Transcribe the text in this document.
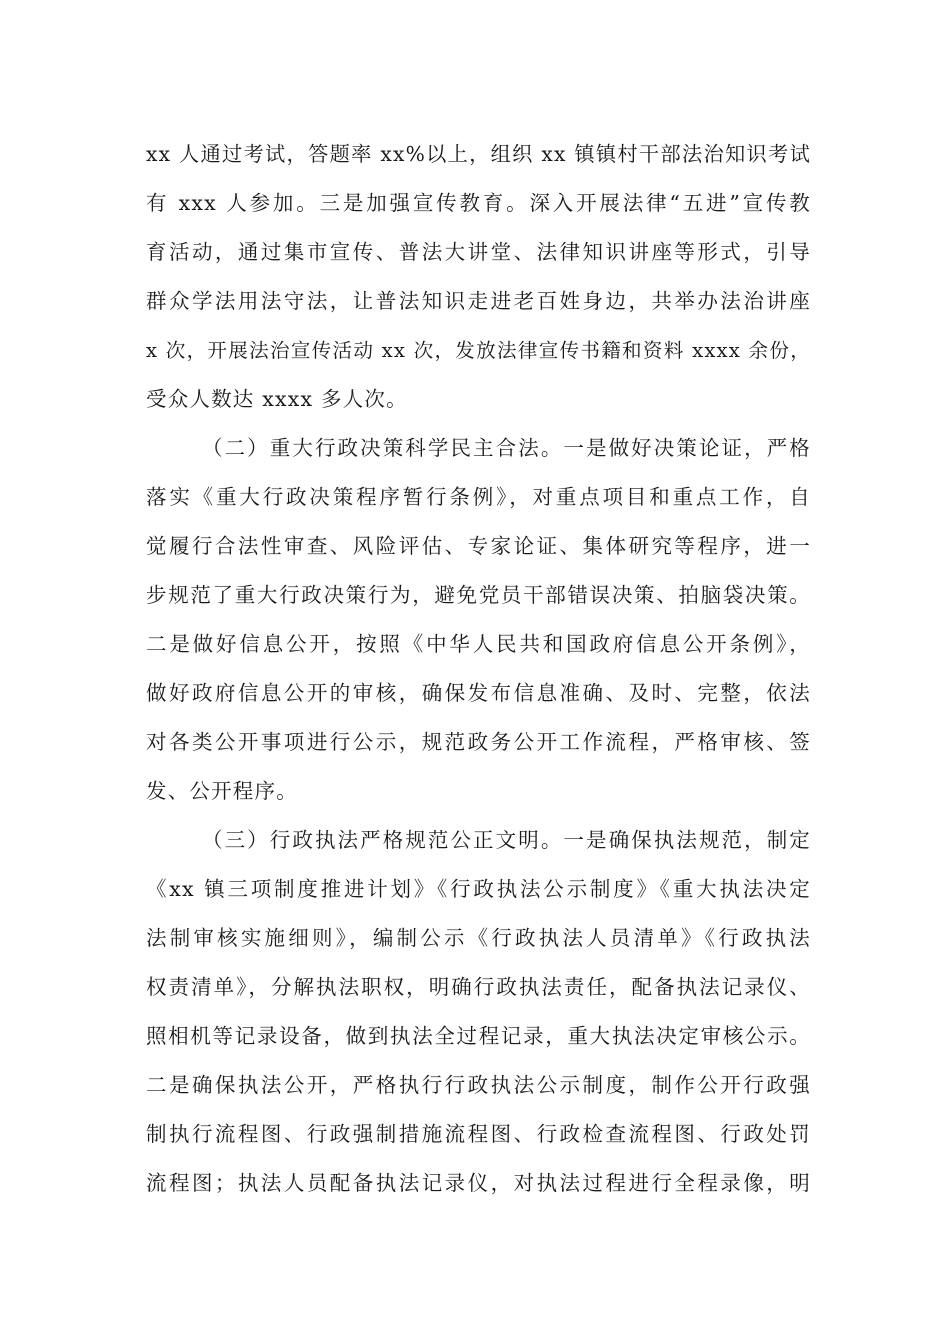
xx 人通过考试，答题率 xx%以上，组织 xx 镇镇村干部法治知识考试
有 xxx 人参加。三是加强宣传教育。深入开展法律“五进”宣传教
育活动，通过集市宣传、普法大讲堂、法律知识讲座等形式，引导
群众学法用法守法，让普法知识走进老百姓身边，共举办法治讲座
x 次，开展法治宣传活动 xx 次，发放法律宣传书籍和资料 xxxx 余份，
受众人数达 xxxx 多人次。
（二）重大行政决策科学民主合法。一是做好决策论证，严格
落实《重大行政决策程序暂行条例》，对重点项目和重点工作，自
觉履行合法性审查、风险评估、专家论证、集体研究等程序，进一
步规范了重大行政决策行为，避免党员干部错误决策、拍脑袋决策。
二是做好信息公开，按照《中华人民共和国政府信息公开条例》，
做好政府信息公开的审核，确保发布信息准确、及时、完整，依法
对各类公开事项进行公示，规范政务公开工作流程，严格审核、签
发、公开程序。
（三）行政执法严格规范公正文明。一是确保执法规范，制定
《xx 镇三项制度推进计划》《行政执法公示制度》《重大执法决定
法制审核实施细则》，编制公示《行政执法人员清单》《行政执法
权责清单》，分解执法职权，明确行政执法责任，配备执法记录仪、
照相机等记录设备，做到执法全过程记录，重大执法决定审核公示。
二是确保执法公开，严格执行行政执法公示制度，制作公开行政强
制执行流程图、行政强制措施流程图、行政检查流程图、行政处罚
流程图；执法人员配备执法记录仪，对执法过程进行全程录像，明
